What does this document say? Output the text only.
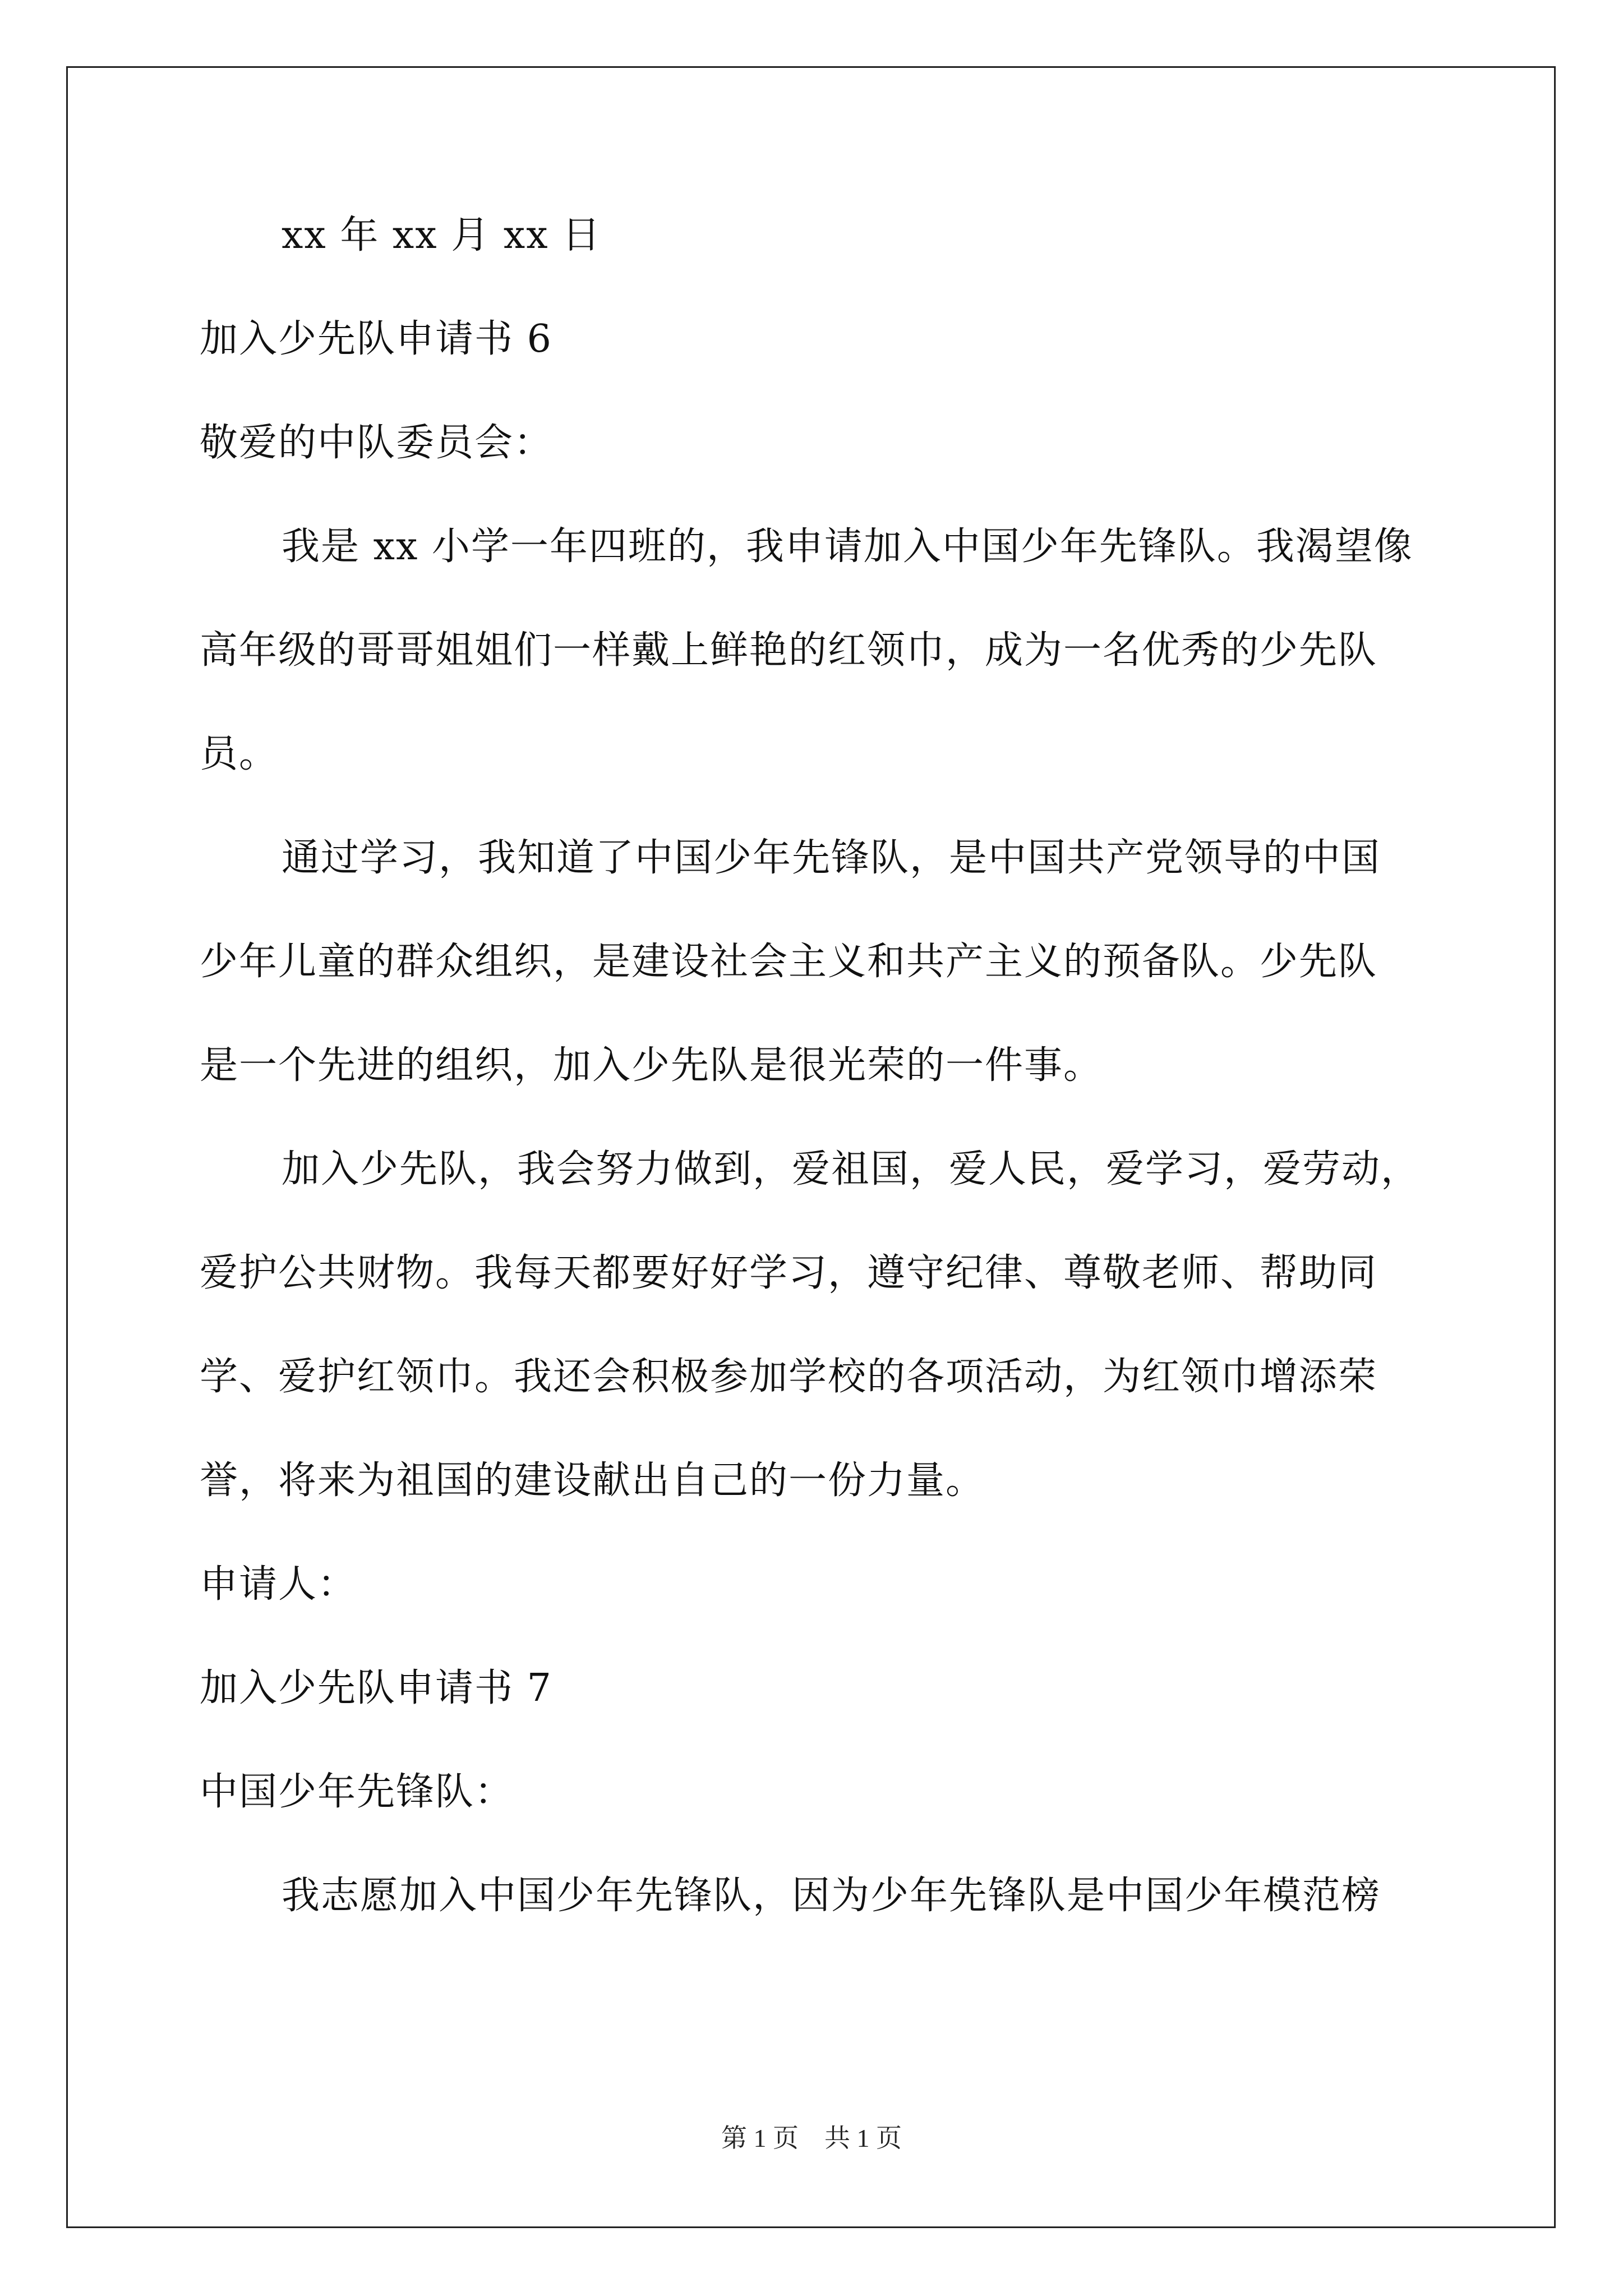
xx 年 xx 月 xx 日
加入少先队申请书 6
敬爱的中队委员会：
我是 xx 小学一年四班的，我申请加入中国少年先锋队。我渴望像
高年级的哥哥姐姐们一样戴上鲜艳的红领巾，成为一名优秀的少先队
员。
通过学习，我知道了中国少年先锋队，是中国共产党领导的中国
少年儿童的群众组织，是建设社会主义和共产主义的预备队。少先队
是一个先进的组织，加入少先队是很光荣的一件事。
加入少先队，我会努力做到，爱祖国，爱人民，爱学习，爱劳动，
爱护公共财物。我每天都要好好学习，遵守纪律、尊敬老师、帮助同
学、爱护红领巾。我还会积极参加学校的各项活动，为红领巾增添荣
誉，将来为祖国的建设献出自己的一份力量。
申请人：
加入少先队申请书 7
中国少年先锋队：
我志愿加入中国少年先锋队，因为少年先锋队是中国少年模范榜
第 1 页    共 1 页
